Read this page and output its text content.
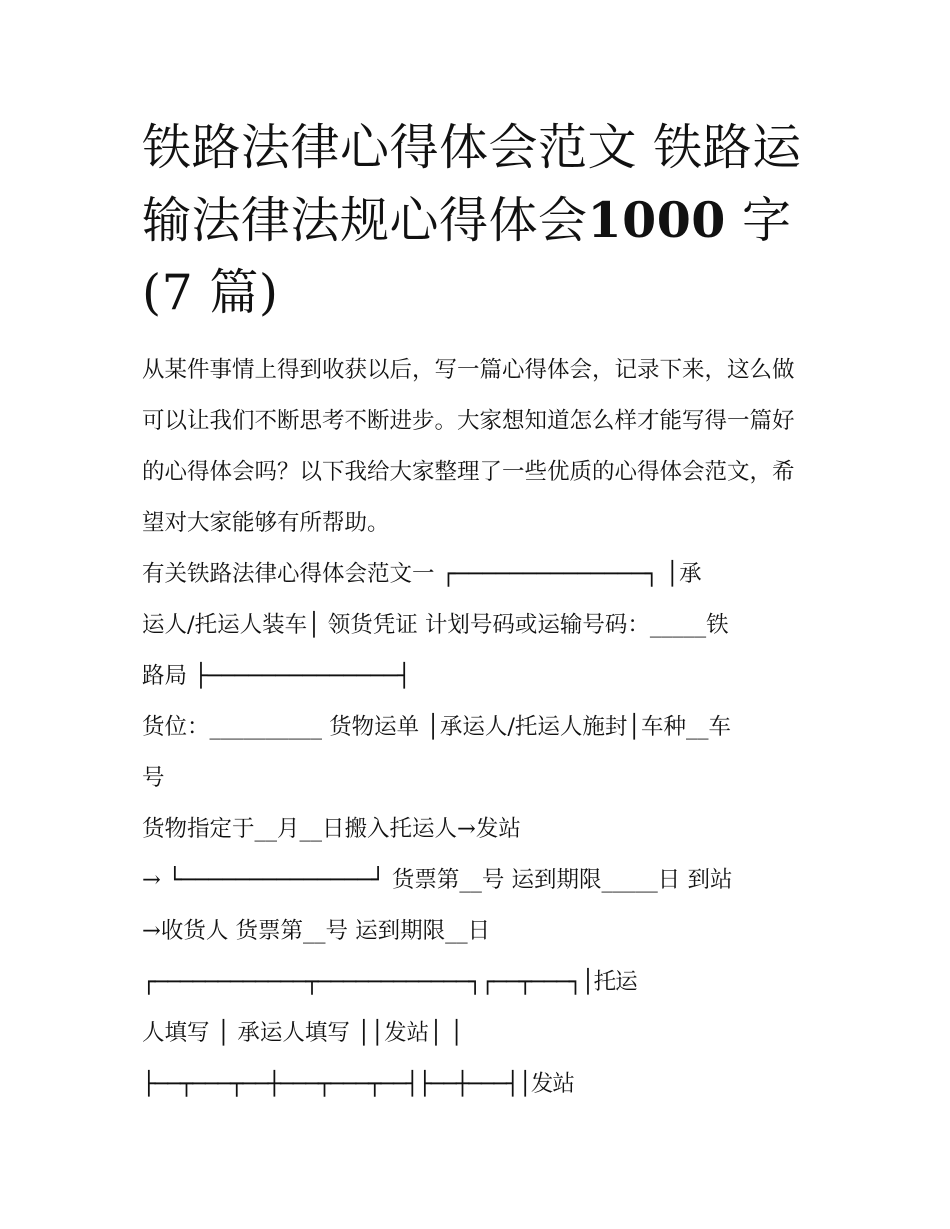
铁路法律心得体会范文 铁路运输法律法规心得体会1000 字(7 篇)

从某件事情上得到收获以后，写一篇心得体会，记录下来，这么做可以让我们不断思考不断进步。大家想知道怎么样才能写得一篇好的心得体会吗？以下我给大家整理了一些优质的心得体会范文，希望对大家能够有所帮助。

有关铁路法律心得体会范文一 ┌──────────────┐ │承
运人/托运人装车│ 领货凭证 计划号码或运输号码：_____铁
路局 ├──────────────┤
货位：__________ 货物运单 │承运人/托运人施封│车种__车
号
货物指定于__月__日搬入托运人→发站
→ └──────────────┘ 货票第__号 运到期限_____日 到站
→收货人 货票第__号 运到期限__日
┌────────────┬────────────┐┌──┬───┐│托运
人填写 │ 承运人填写 ││发站│ │
├──┬───┬──┼───┬───┬──┤├──┼───┤│发站
